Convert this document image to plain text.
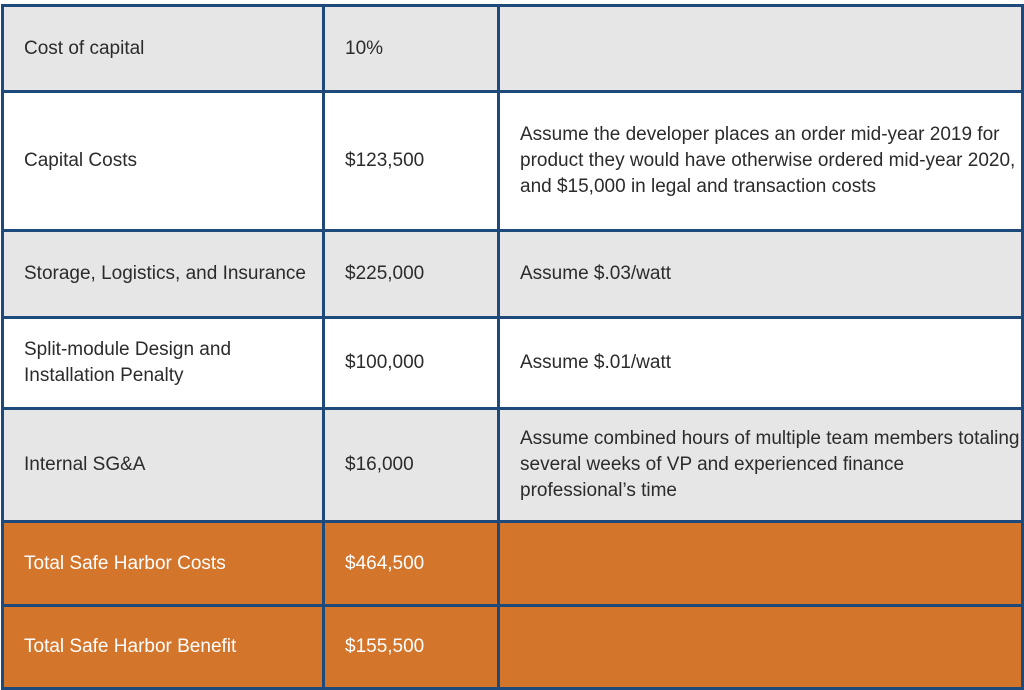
Cost of capital	10%	
Capital Costs	$123,500	Assume the developer places an order mid-year 2019 for product they would have otherwise ordered mid-year 2020, and $15,000 in legal and transaction costs
Storage, Logistics, and Insurance	$225,000	Assume $.03/watt
Split-module Design and Installation Penalty	$100,000	Assume $.01/watt
Internal SG&A	$16,000	Assume combined hours of multiple team members totaling several weeks of VP and experienced finance professional’s time
Total Safe Harbor Costs	$464,500	
Total Safe Harbor Benefit	$155,500	
